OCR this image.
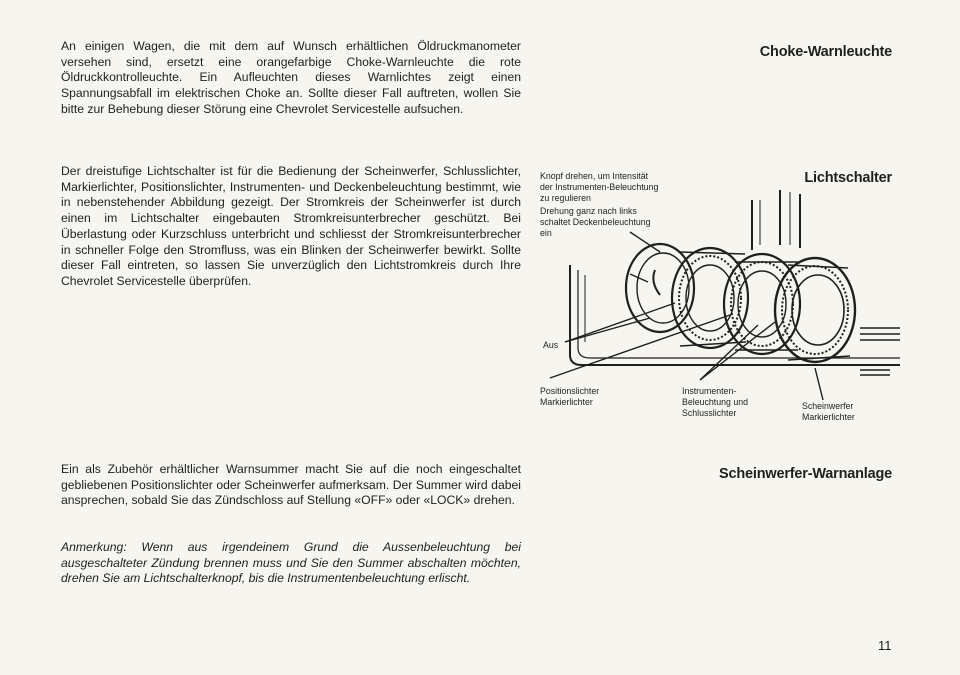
An einigen Wagen, die mit dem auf Wunsch erhältlichen Öldruckmanometer versehen sind, ersetzt eine orangefarbige Choke-Warnleuchte die rote Öldruckkontrolleuchte. Ein Aufleuchten dieses Warnlichtes zeigt einen Spannungsabfall im elektrischen Choke an. Sollte dieser Fall auftreten, wollen Sie bitte zur Behebung dieser Störung eine Chevrolet Servicestelle aufsuchen.

Choke-Warnleuchte

Der dreistufige Lichtschalter ist für die Bedienung der Scheinwerfer, Schlusslichter, Markierlichter, Positionslichter, Instrumenten- und Deckenbeleuchtung bestimmt, wie in nebenstehender Abbildung gezeigt. Der Stromkreis der Scheinwerfer ist durch einen im Lichtschalter eingebauten Stromkreisunterbrecher geschützt. Bei Überlastung oder Kurzschluss unterbricht und schliesst der Stromkreisunterbrecher in schneller Folge den Stromfluss, was ein Blinken der Scheinwerfer bewirkt. Sollte dieser Fall eintreten, so lassen Sie unverzüglich den Lichtstromkreis durch Ihre Chevrolet Servicestelle überprüfen.

Lichtschalter

Knopf drehen, um Intensität

der Instrumenten-Beleuchtung

zu regulieren

Drehung ganz nach links

schaltet Deckenbeleuchtung

ein

Aus

Positionslichter

Markierlichter

Instrumenten-

Beleuchtung und

Schlusslichter

Scheinwerfer

Markierlichter

Ein als Zubehör erhältlicher Warnsummer macht Sie auf die noch eingeschaltet gebliebenen Positionslichter oder Scheinwerfer aufmerksam. Der Summer wird dabei ansprechen, sobald Sie das Zündschloss auf Stellung «OFF» oder «LOCK» drehen.

Scheinwerfer-Warnanlage

Anmerkung: Wenn aus irgendeinem Grund die Aussenbeleuchtung bei ausgeschalteter Zündung brennen muss und Sie den Summer abschalten möchten, drehen Sie am Lichtschalterknopf, bis die Instrumentenbeleuchtung erlischt.

11
